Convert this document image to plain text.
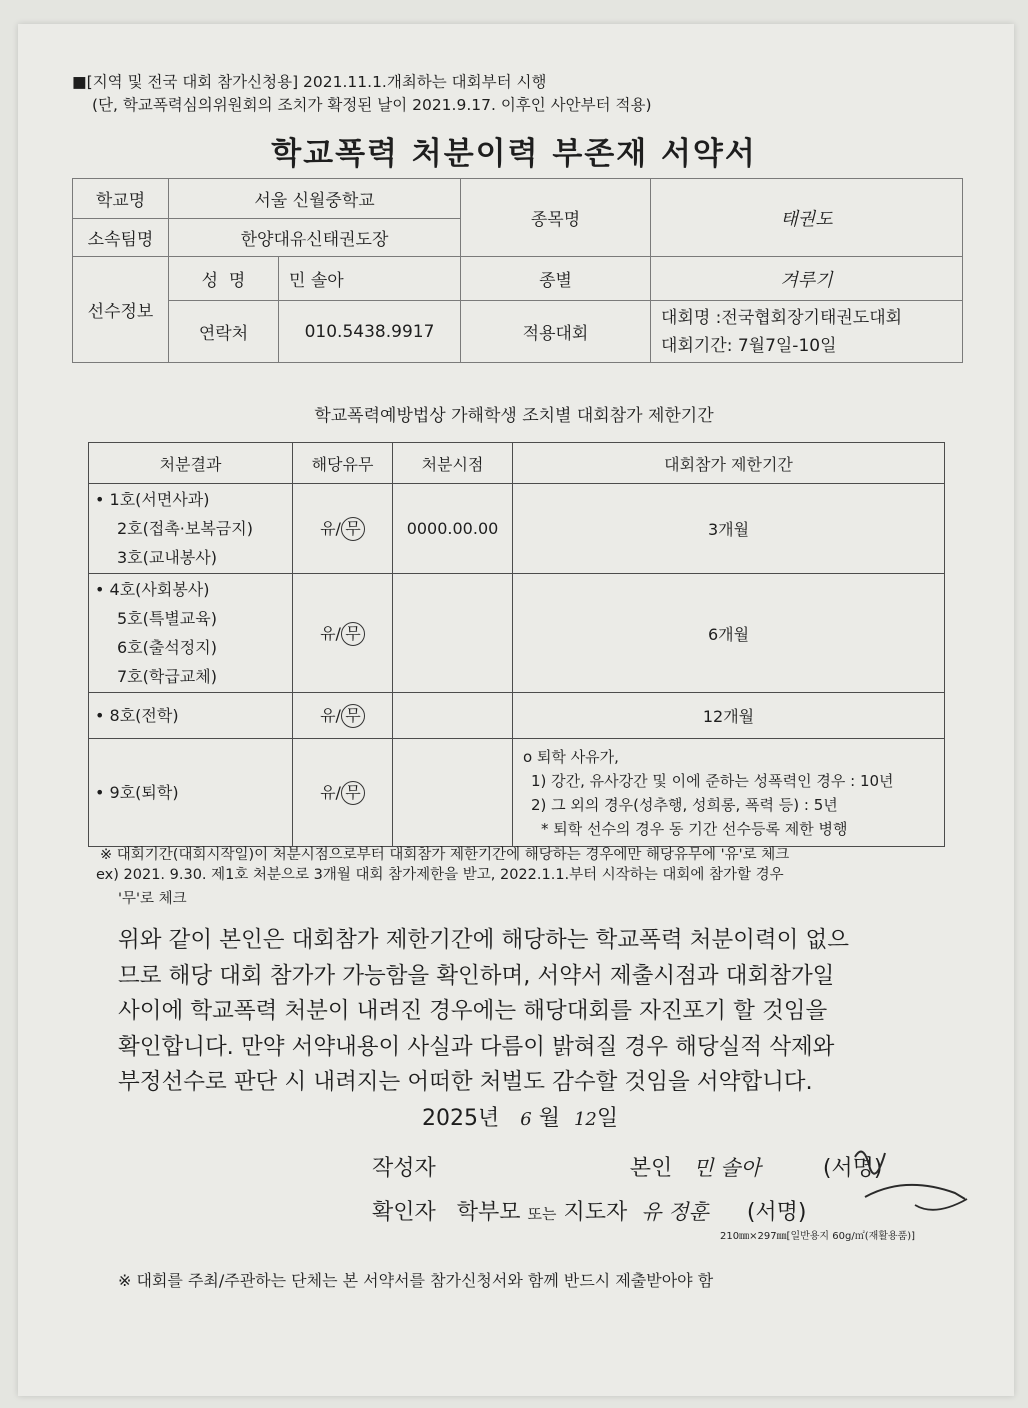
■[지역 및 전국 대회 참가신청용] 2021.11.1.개최하는 대회부터 시행
(단, 학교폭력심의위원회의 조치가 확정된 날이 2021.9.17. 이후인 사안부터 적용)
학교폭력 처분이력 부존재 서약서
학교명	서울 신월중학교		종목명	태권도
소속팀명	한양대유신태권도장			
선수정보	성  명	민 솔아	종별	겨루기
	연락처	010.5438.9917	적용대회	대회명 :전국협회장기태권도대회
대회기간: 7월7일-10일
학교폭력예방법상 가해학생 조치별 대회참가 제한기간
처분결과	해당유무	처분시점	대회참가 제한기간

• 1호(서면사과)
2호(접촉·보복금지)
3호(교내봉사)	유/ 무	0000.00.00	3개월

• 4호(사회봉사)
5호(특별교육)
6호(출석정지)
7호(학급교체)	유/ 무		6개월

• 8호(전학)	유/ 무		12개월

• 9호(퇴학)	유/ 무		o 퇴학 사유가,
1) 강간, 유사강간 및 이에 준하는 성폭력인 경우 : 10년
2) 그 외의 경우(성추행, 성희롱, 폭력 등) : 5년
* 퇴학 선수의 경우 동 기간 선수등록 제한 병행
※ 대회기간(대회시작일)이 처분시점으로부터 대회참가 제한기간에 해당하는 경우에만 해당유무에 '유'로 체크
ex) 2021. 9.30. 제1호 처분으로 3개월 대회 참가제한을 받고, 2022.1.1.부터 시작하는 대회에 참가할 경우
'무'로 체크
위와 같이 본인은 대회참가 제한기간에 해당하는 학교폭력 처분이력이 없으
므로 해당 대회 참가가 가능함을 확인하며, 서약서 제출시점과 대회참가일
사이에 학교폭력 처분이 내려진 경우에는 해당대회를 자진포기 할 것임을
확인합니다. 만약 서약내용이 사실과 다름이 밝혀질 경우 해당실적 삭제와
부정선수로 판단 시 내려지는 어떠한 처벌도 감수할 것임을 서약합니다.
2025년 6 월 12일
작성자	본인 민 솔아	(서명)
확인자 학부모 또는 지도자 유 정훈 (서명)
210㎜×297㎜[일반용지 60g/㎡(재활용품)]
※ 대회를 주최/주관하는 단체는 본 서약서를 참가신청서와 함께 반드시 제출받아야 함
